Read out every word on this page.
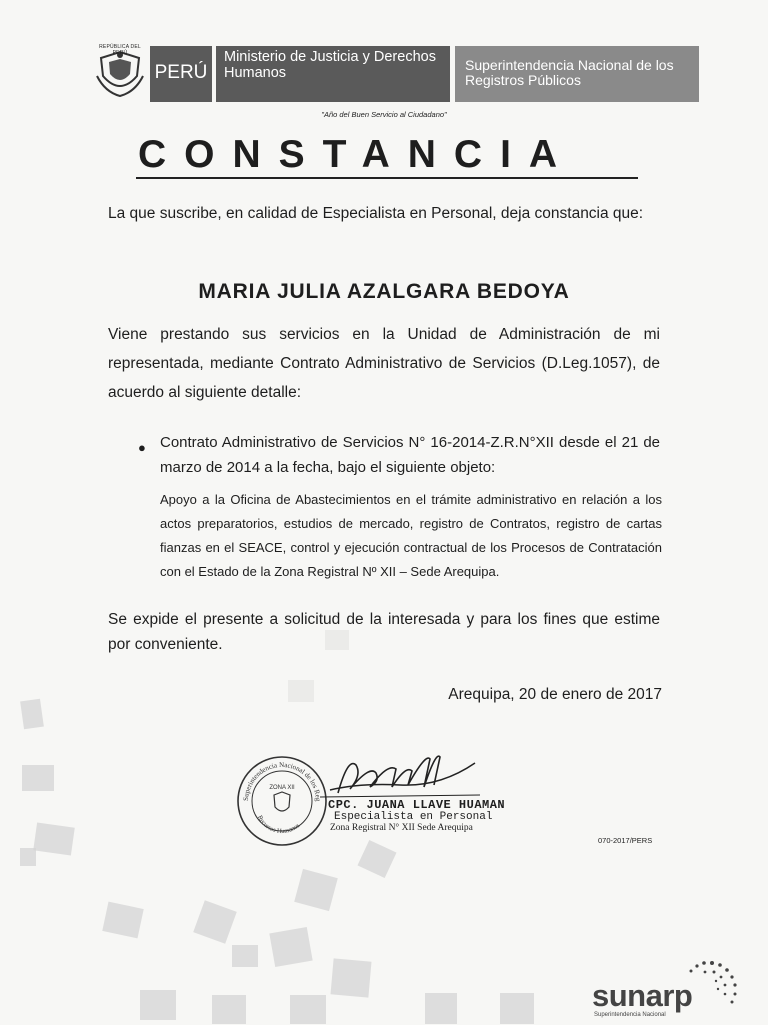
REPÚBLICA DEL PERÚ
PERÚ
Ministerio de Justicia y Derechos Humanos	Superintendencia Nacional de los Registros Públicos
"Año del Buen Servicio al Ciudadano"
CONSTANCIA
La que suscribe, en calidad de Especialista en Personal, deja constancia que:
MARIA JULIA AZALGARA BEDOYA
Viene prestando sus servicios en la Unidad de Administración de mi representada, mediante Contrato Administrativo de Servicios (D.Leg.1057), de acuerdo al siguiente detalle:
● Contrato Administrativo de Servicios N° 16-2014-Z.R.N°XII desde el 21 de marzo de 2014 a la fecha, bajo el siguiente objeto:
Apoyo a la Oficina de Abastecimientos en el trámite administrativo en relación a los actos preparatorios, estudios de mercado, registro de Contratos, registro de cartas fianzas en el SEACE, control y ejecución contractual de los Procesos de Contratación con el Estado de la Zona Registral Nº XII – Sede Arequipa.
Se expide el presente a solicitud de la interesada y para los fines que estime por conveniente.
Arequipa, 20 de enero de 2017
Superintendencia Nacional de los Reg
Recursos Humanos
ZONA XII
CPC. JUANA LLAVE HUAMAN
Especialista en Personal
Zona Registral N° XII Sede Arequipa
070-2017/PERS
sunarp
Superintendencia Nacional
